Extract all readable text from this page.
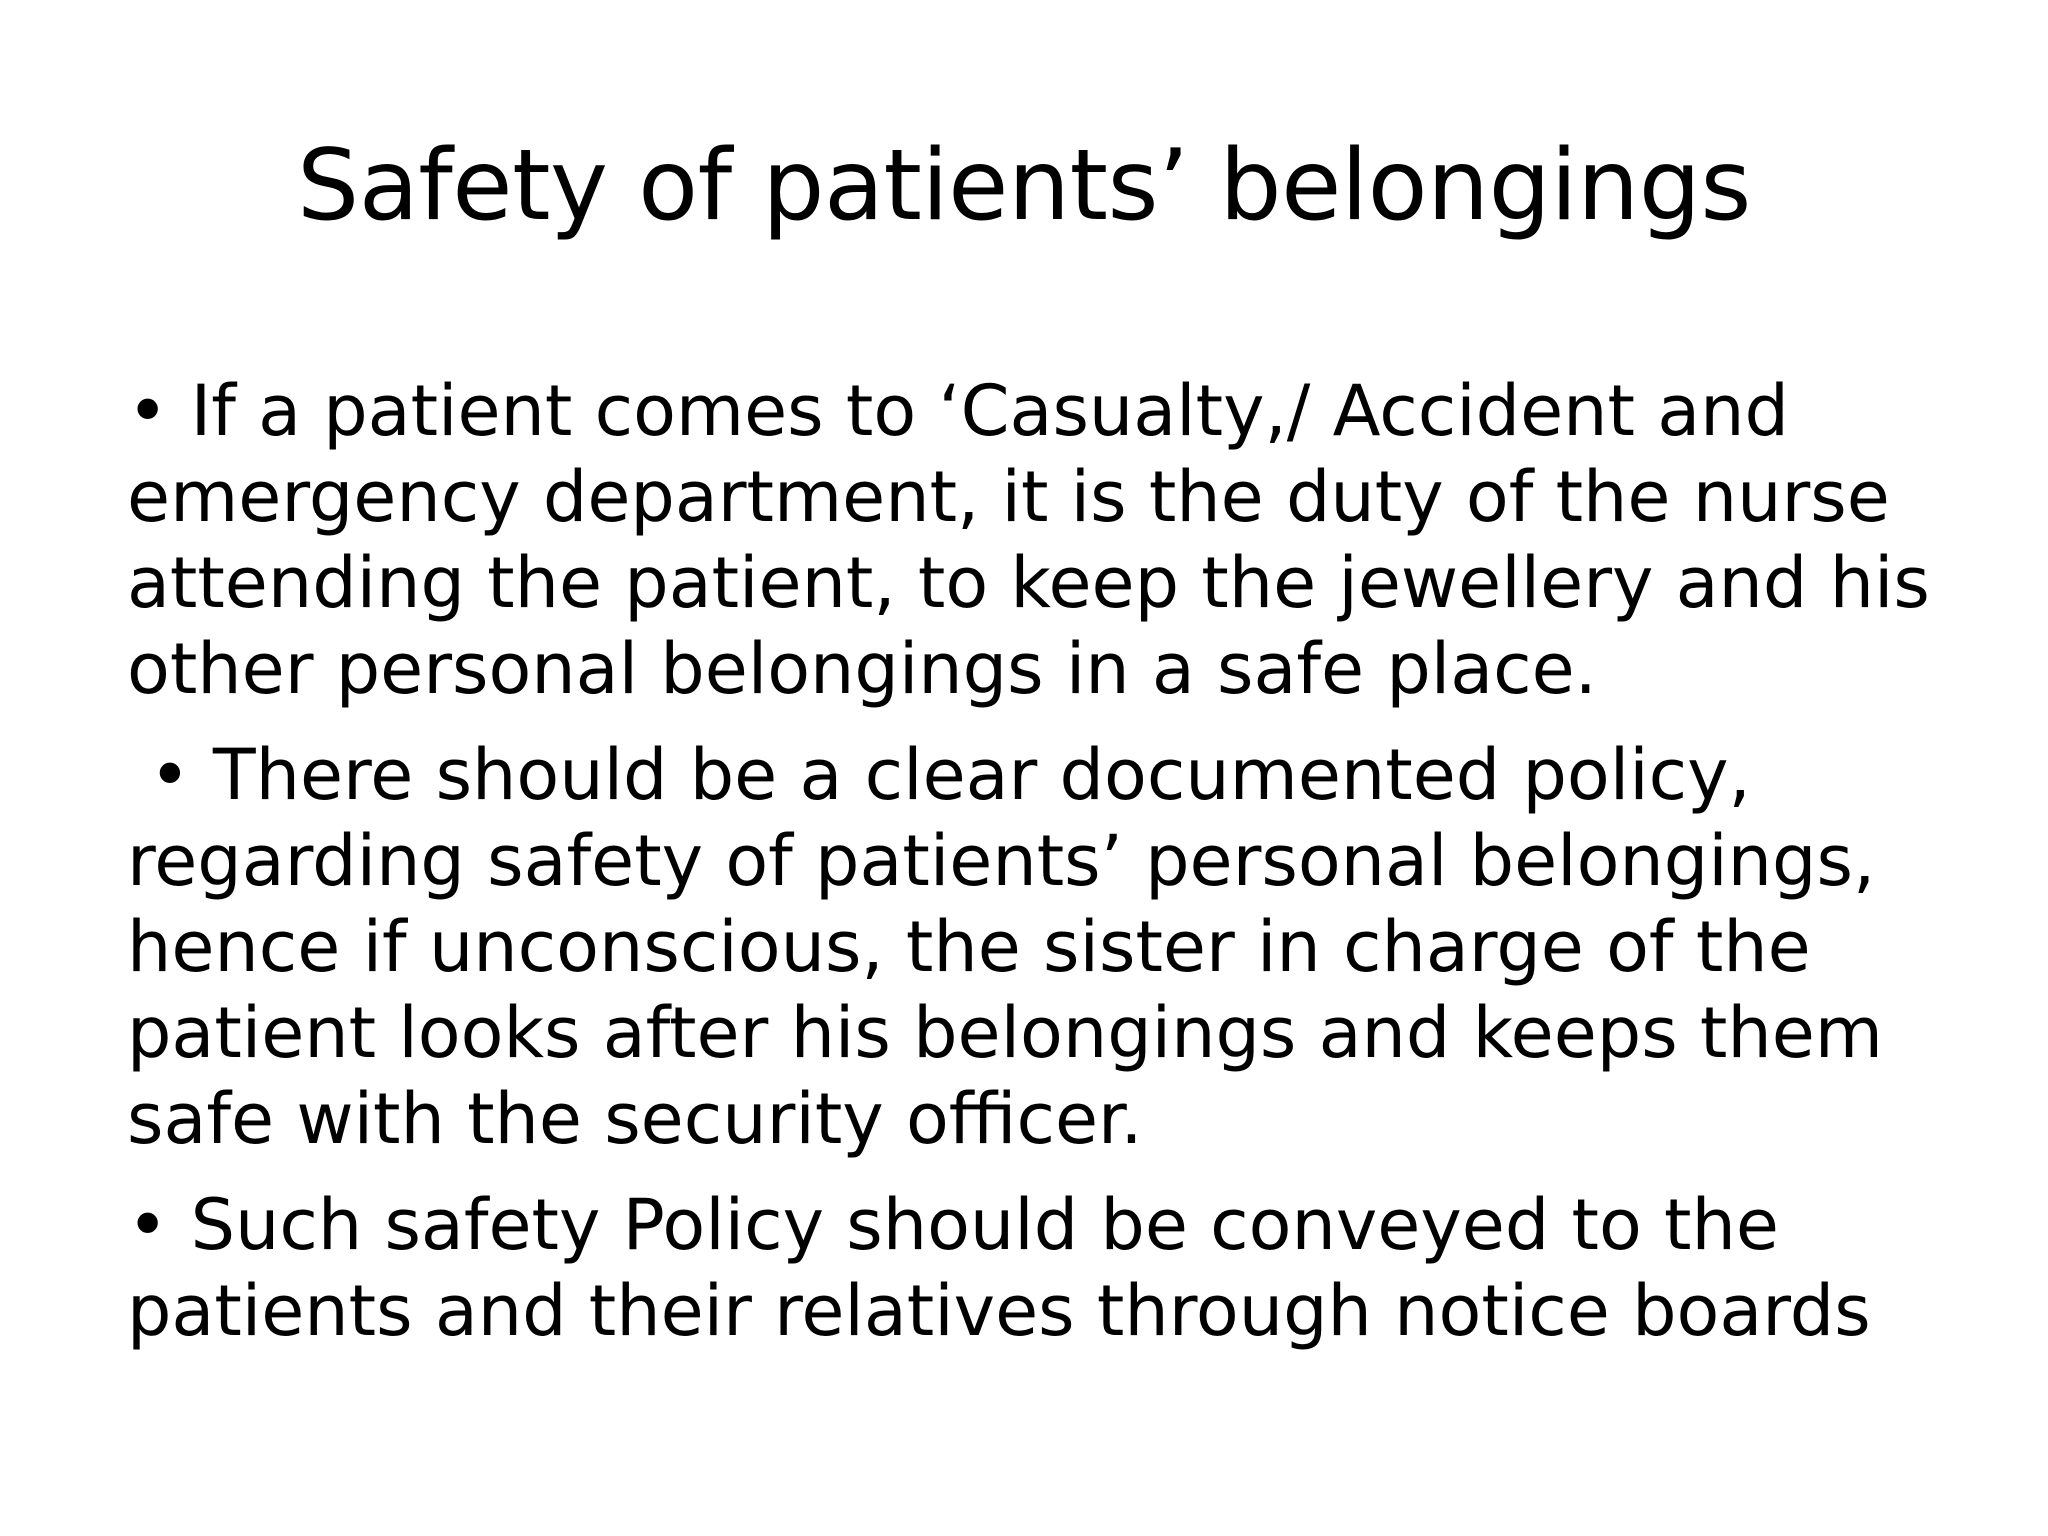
Safety of patients’ belongings
• If a patient comes to ‘Casualty,/ Accident and
emergency department, it is the duty of the nurse
attending the patient, to keep the jewellery and his
other personal belongings in a safe place.
• There should be a clear documented policy,
regarding safety of patients’ personal belongings,
hence if unconscious, the sister in charge of the
patient looks after his belongings and keeps them
safe with the security officer.
• Such safety Policy should be conveyed to the
patients and their relatives through notice boards
